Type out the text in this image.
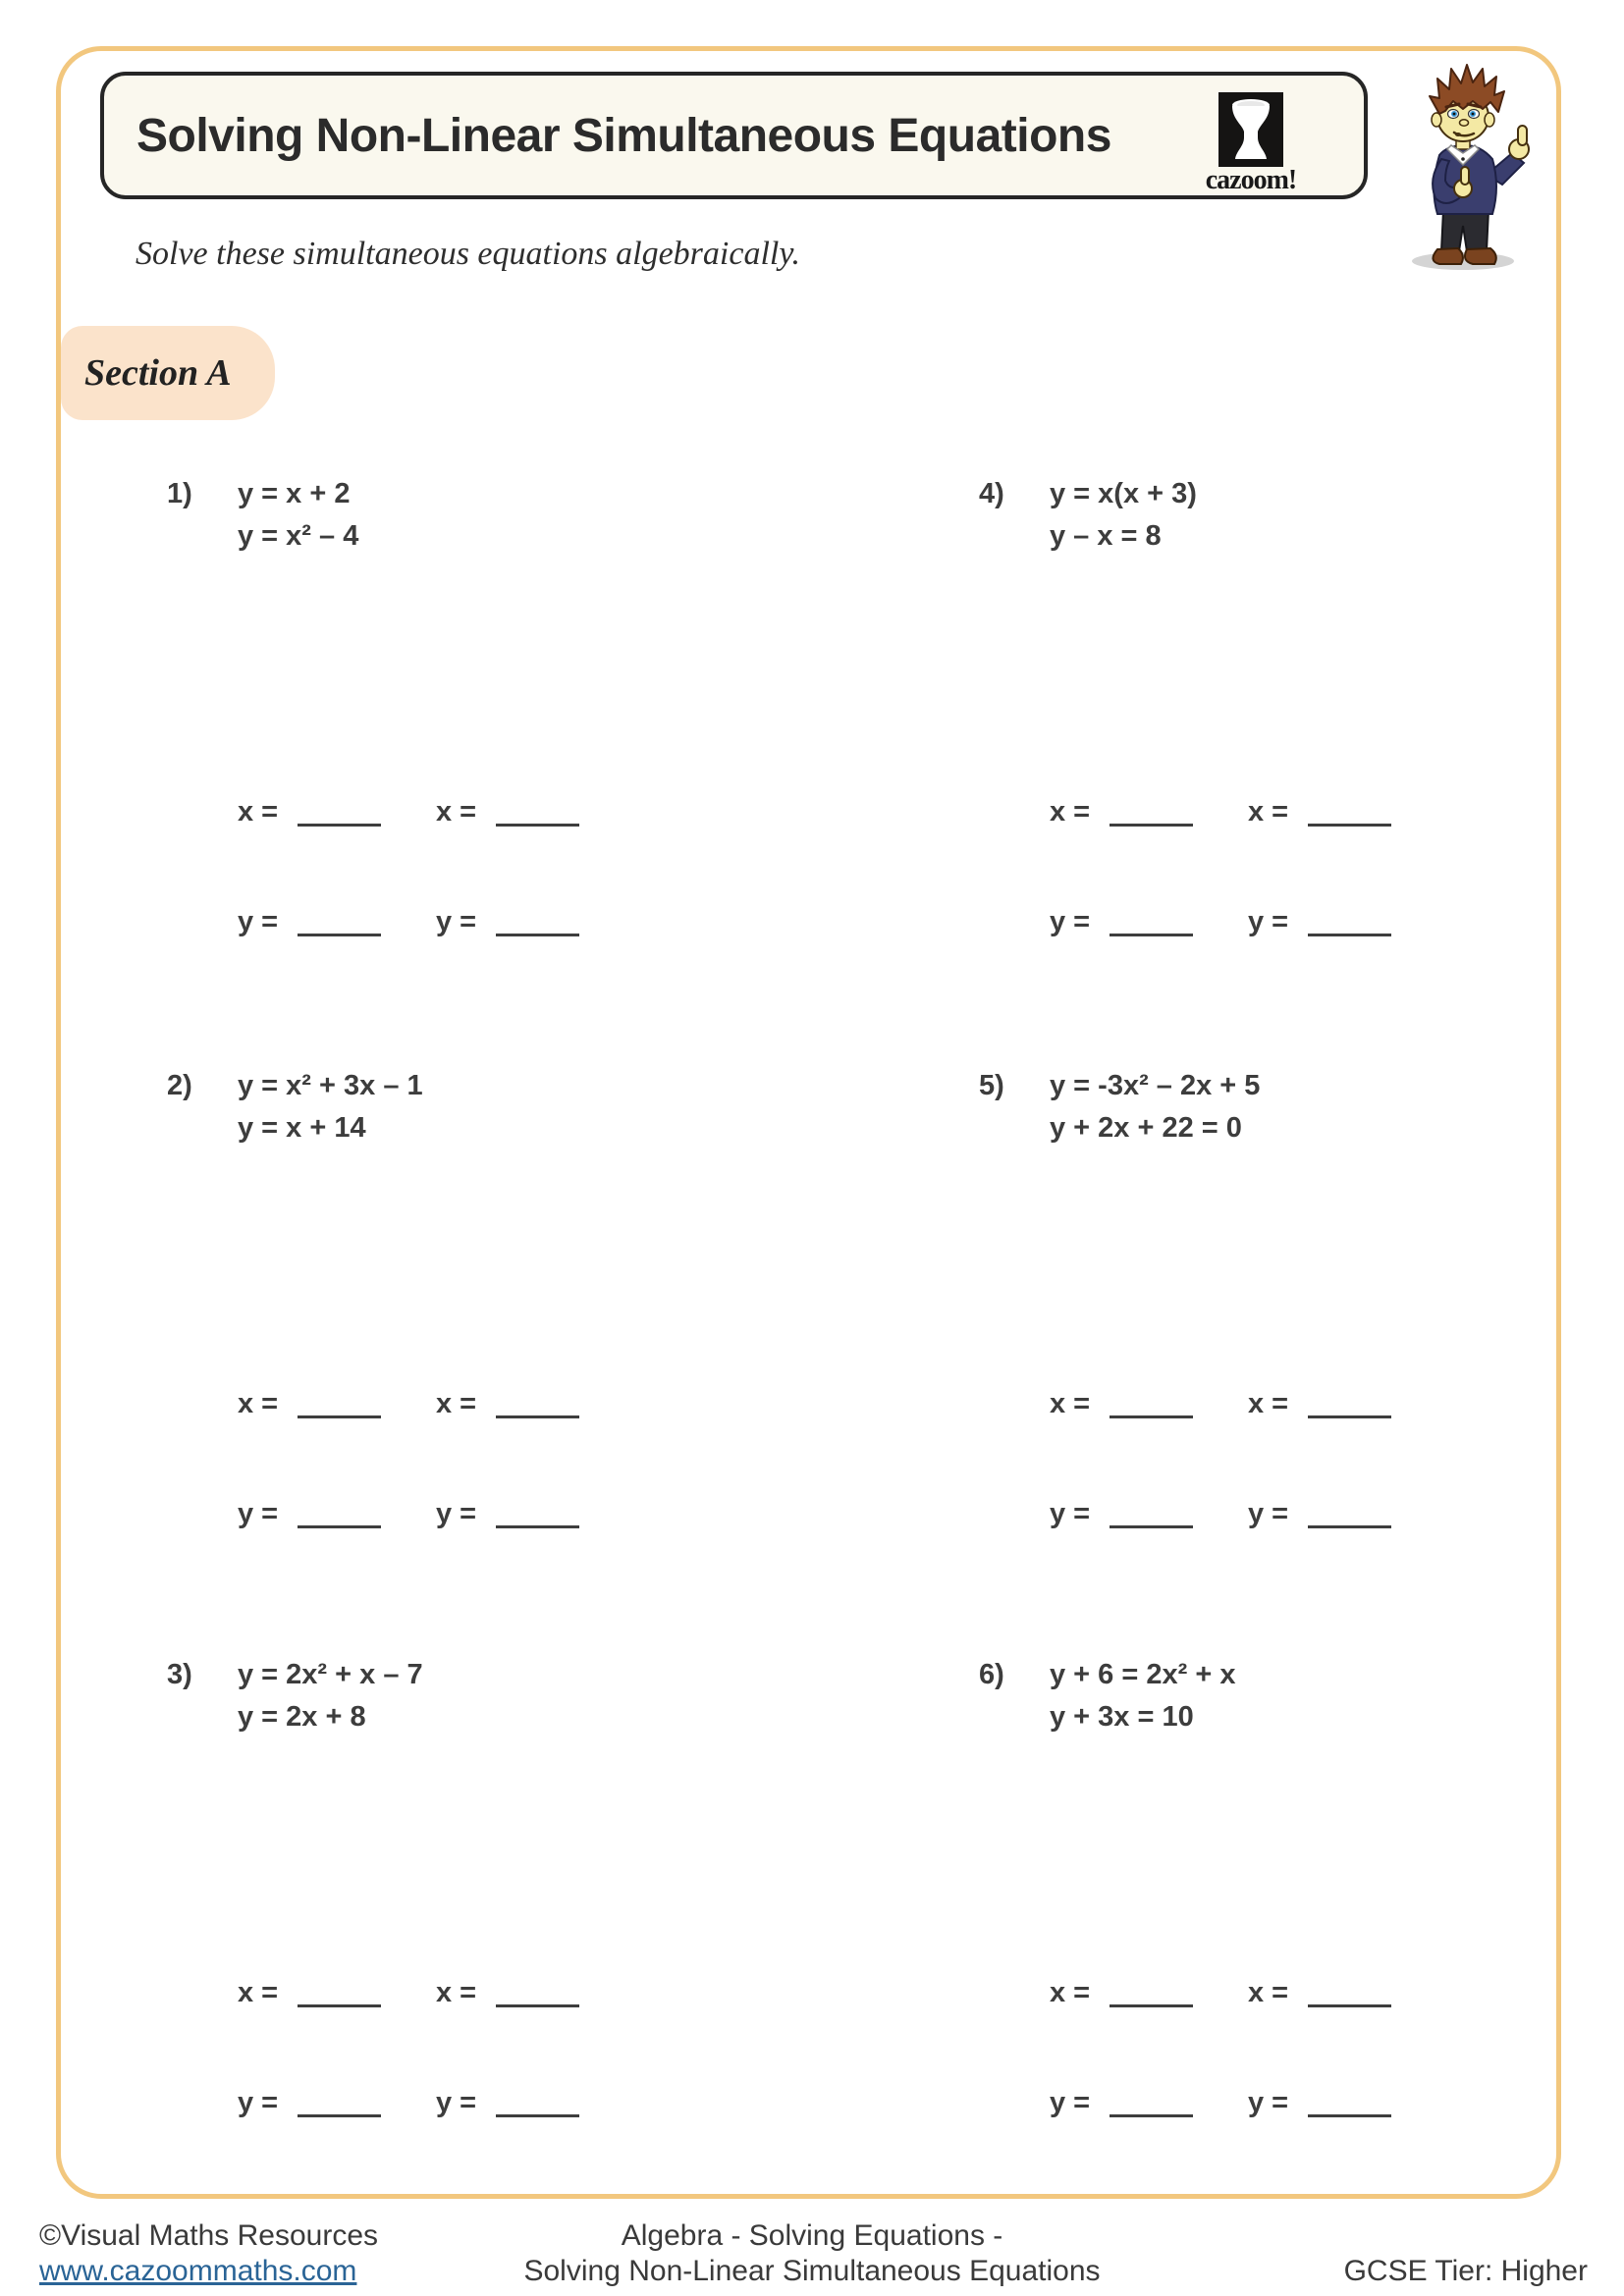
Solving Non-Linear Simultaneous Equations
cazoom!
Solve these simultaneous equations algebraically.
Section A
1) y = x + 2
y = x² – 4
x =	x =
y =	y =
4) y = x(x + 3)
y – x = 8
x =	x =
y =	y =
2) y = x² + 3x – 1
y = x + 14
x =	x =
y =	y =
5) y = -3x² – 2x + 5
y + 2x + 22 = 0
x =	x =
y =	y =
3) y = 2x² + x – 7
y = 2x + 8
x =	x =
y =	y =
6) y + 6 = 2x² + x
y + 3x = 10
x =	x =
y =	y =
©Visual Maths Resources
www.cazoommaths.com
Algebra - Solving Equations -
Solving Non-Linear Simultaneous Equations	GCSE Tier: Higher
